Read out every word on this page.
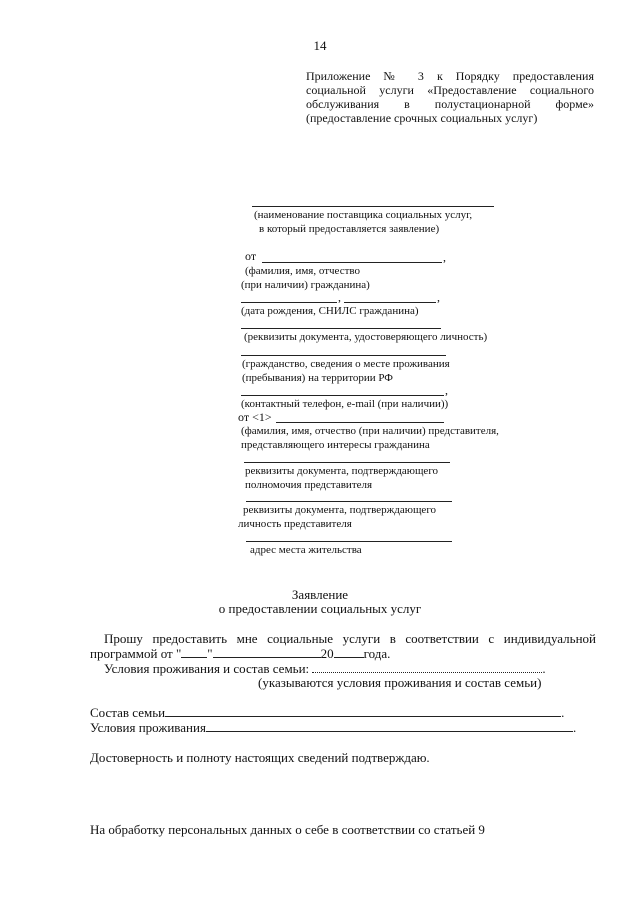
14
Приложение № 3 к Порядку предоставления
социальной услуги «Предоставление социального
обслуживания в полустационарной форме»
(предоставление срочных социальных услуг)
(наименование поставщика социальных услуг,
в который предоставляется заявление)
от	,
(фамилия, имя, отчество
(при наличии) гражданина)
,	,
(дата рождения, СНИЛС гражданина)
(реквизиты документа, удостоверяющего личность)
(гражданство, сведения о месте проживания
(пребывания) на территории РФ
,
(контактный телефон, e-mail (при наличии))
от <1>
(фамилия, имя, отчество (при наличии) представителя,
представляющего интересы гражданина
реквизиты документа, подтверждающего
полномочия представителя
реквизиты документа, подтверждающего
личность представителя
адрес места жительства
Заявление
о предоставлении социальных услуг
Прошу предоставить мне социальные услуги в соответствии с индивидуальной
программой от " "	20 года.
Условия проживания и состав семьи:	.
(указываются условия проживания и состав семьи)
Состав семьи	.
Условия проживания	.
Достоверность и полноту настоящих сведений подтверждаю.
На обработку персональных данных о себе в соответствии со статьей 9
